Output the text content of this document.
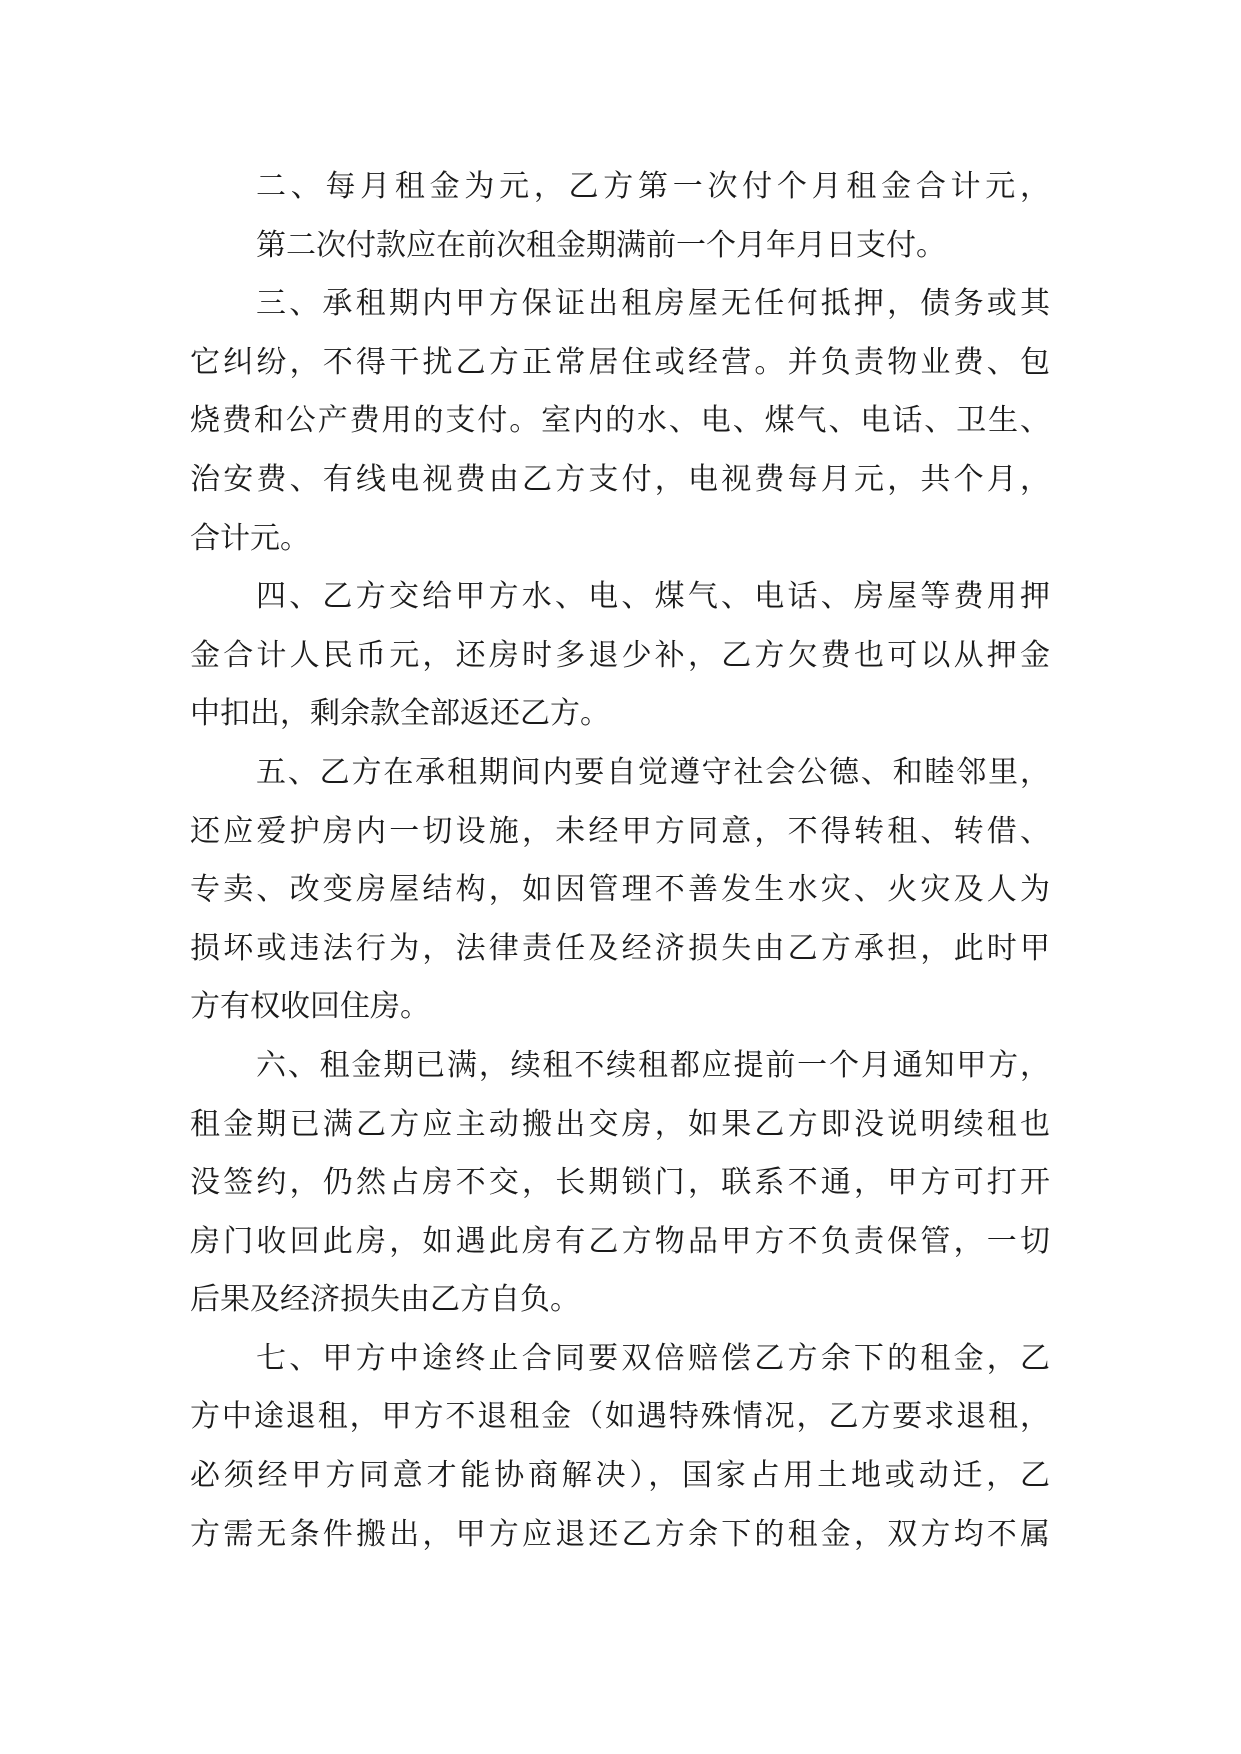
二、每月租金为元，乙方第一次付个月租金合计元，
第二次付款应在前次租金期满前一个月年月日支付。
三、承租期内甲方保证出租房屋无任何抵押，债务或其
它纠纷，不得干扰乙方正常居住或经营。并负责物业费、包
烧费和公产费用的支付。室内的水、电、煤气、电话、卫生、
治安费、有线电视费由乙方支付，电视费每月元，共个月，
合计元。
四、乙方交给甲方水、电、煤气、电话、房屋等费用押
金合计人民币元，还房时多退少补，乙方欠费也可以从押金
中扣出，剩余款全部返还乙方。
五、乙方在承租期间内要自觉遵守社会公德、和睦邻里，
还应爱护房内一切设施，未经甲方同意，不得转租、转借、
专卖、改变房屋结构，如因管理不善发生水灾、火灾及人为
损坏或违法行为，法律责任及经济损失由乙方承担，此时甲
方有权收回住房。
六、租金期已满，续租不续租都应提前一个月通知甲方，
租金期已满乙方应主动搬出交房，如果乙方即没说明续租也
没签约，仍然占房不交，长期锁门，联系不通，甲方可打开
房门收回此房，如遇此房有乙方物品甲方不负责保管，一切
后果及经济损失由乙方自负。
七、甲方中途终止合同要双倍赔偿乙方余下的租金，乙
方中途退租，甲方不退租金（如遇特殊情况，乙方要求退租，
必须经甲方同意才能协商解决），国家占用土地或动迁，乙
方需无条件搬出，甲方应退还乙方余下的租金，双方均不属
